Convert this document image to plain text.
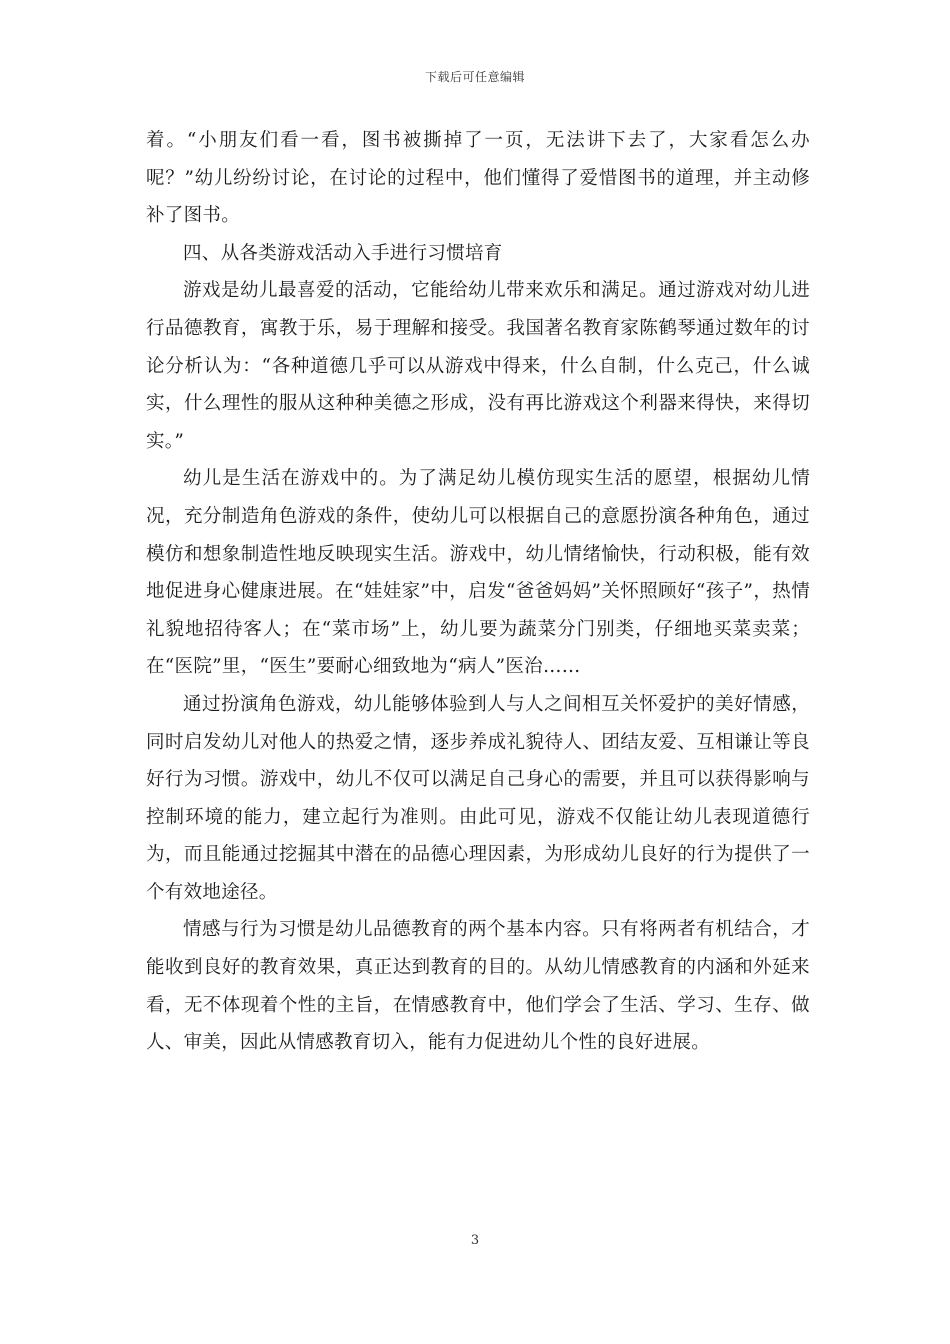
下载后可任意编辑

着。“小朋友们看一看，图书被撕掉了一页，无法讲下去了，大家看怎么办呢？”幼儿纷纷讨论，在讨论的过程中，他们懂得了爱惜图书的道理，并主动修补了图书。

四、从各类游戏活动入手进行习惯培育

游戏是幼儿最喜爱的活动，它能给幼儿带来欢乐和满足。通过游戏对幼儿进行品德教育，寓教于乐，易于理解和接受。我国著名教育家陈鹤琴通过数年的讨论分析认为：“各种道德几乎可以从游戏中得来，什么自制，什么克己，什么诚实，什么理性的服从这种种美德之形成，没有再比游戏这个利器来得快，来得切实。”

幼儿是生活在游戏中的。为了满足幼儿模仿现实生活的愿望，根据幼儿情况，充分制造角色游戏的条件，使幼儿可以根据自己的意愿扮演各种角色，通过模仿和想象制造性地反映现实生活。游戏中，幼儿情绪愉快，行动积极，能有效地促进身心健康进展。在“娃娃家”中，启发“爸爸妈妈”关怀照顾好“孩子”，热情礼貌地招待客人；在“菜市场”上，幼儿要为蔬菜分门别类，仔细地买菜卖菜；在“医院”里，“医生”要耐心细致地为“病人”医治……

通过扮演角色游戏，幼儿能够体验到人与人之间相互关怀爱护的美好情感，同时启发幼儿对他人的热爱之情，逐步养成礼貌待人、团结友爱、互相谦让等良好行为习惯。游戏中，幼儿不仅可以满足自己身心的需要，并且可以获得影响与控制环境的能力，建立起行为准则。由此可见，游戏不仅能让幼儿表现道德行为，而且能通过挖掘其中潜在的品德心理因素，为形成幼儿良好的行为提供了一个有效地途径。

情感与行为习惯是幼儿品德教育的两个基本内容。只有将两者有机结合，才能收到良好的教育效果，真正达到教育的目的。从幼儿情感教育的内涵和外延来看，无不体现着个性的主旨，在情感教育中，他们学会了生活、学习、生存、做人、审美，因此从情感教育切入，能有力促进幼儿个性的良好进展。

3
